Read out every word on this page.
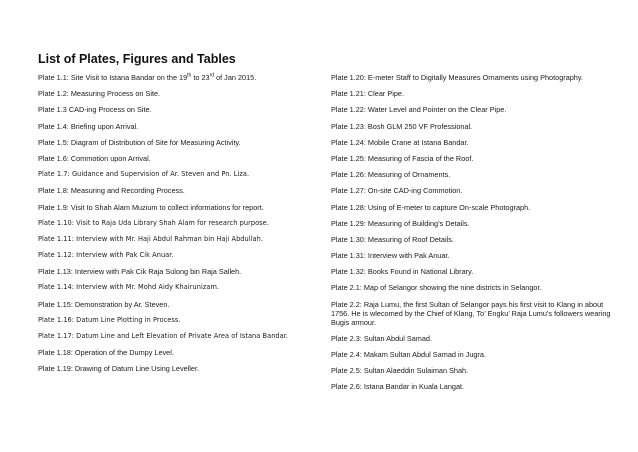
List of Plates, Figures and Tables
Plate 1.1: Site Visit to Istana Bandar on the 19th to 23rd of Jan 2015.
Plate 1.2: Measuring Process on Site.
Plate 1.3 CAD-ing Process on Site.
Plate 1.4: Briefing upon Arrival.
Plate 1.5: Diagram of Distribution of Site for Measuring Activity.
Plate 1.6: Commotion upon Arrival.
Plate 1.7: Guidance and Supervision of Ar. Steven and Pn. Liza.
Plate 1.8: Measuring and Recording Process.
Plate 1.9: Visit to Shah Alam Muzium to collect informations for report.
Plate 1.10: Visit to Raja Uda Library Shah Alam for research purpose.
Plate 1.11: Interview with Mr. Haji Abdul Rahman bin Haji Abdullah.
Plate 1.12: Interview with Pak Cik Anuar.
Plate 1.13: Interview with Pak Cik Raja Sulong bin Raja Salleh.
Plate 1.14: Interview with Mr. Mohd Aidy Khairunizam.
Plate 1.15: Demonstration by Ar. Steven.
Plate 1.16: Datum Line Plotting in Process.
Plate 1.17: Datum Line and Left Elevation of Private Area of Istana Bandar.
Plate 1.18: Operation of the Dumpy Level.
Plate 1.19: Drawing of Datum Line Using Leveller.
Plate 1.20: E-meter Staff to Digitally Measures Ornaments using Photography.
Plate 1.21: Clear Pipe.
Plate 1.22: Water Level and Pointer on the Clear Pipe.
Plate 1.23: Bosh GLM 250 VF Professional.
Plate 1.24: Mobile Crane at Istana Bandar.
Plate 1.25: Measuring of Fascia of the Roof.
Plate 1.26: Measuring of Ornaments.
Plate 1.27: On-site CAD-ing Commotion.
Plate 1.28: Using of E-meter to capture On-scale Photograph.
Plate 1.29: Measuring of Building’s Details.
Plate 1.30: Measuring of Roof Details.
Plate 1.31: Interview with Pak Anuar.
Plate 1.32: Books Found in National Library.
Plate 2.1: Map of Selangor showing the nine districts in Selangor.
Plate 2.2: Raja Lumu, the first Sultan of Selangor pays his first visit to Klang in about 1756. He is wlecomed by the Chief of Klang, To’ Engku’ Raja Lumu’s followers wearing Bugis armour.
Plate 2.3: Sultan Abdul Samad.
Plate 2.4: Makam Sultan Abdul Samad in Jugra.
Plate 2.5: Sultan Alaeddin Sulaiman Shah.
Plate 2.6: Istana Bandar in Kuala Langat.
